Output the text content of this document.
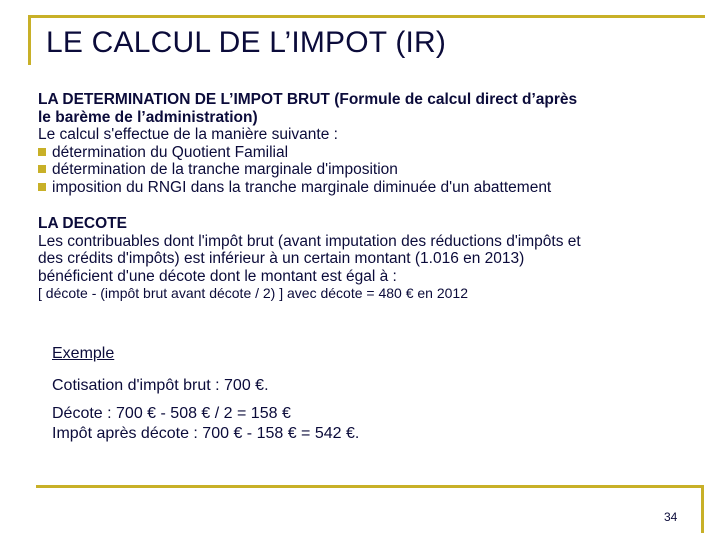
LE CALCUL DE L’IMPOT (IR)

LA DETERMINATION DE L’IMPOT BRUT (Formule de calcul direct d’après

le barème de l’administration)

Le calcul s'effectue de la manière suivante :

détermination du Quotient Familial
détermination de la tranche marginale d'imposition
imposition du RNGI dans la tranche marginale diminuée d'un abattement

LA DECOTE

Les contribuables dont l'impôt brut (avant imputation des réductions d'impôts et

des crédits d'impôts) est inférieur à un certain montant (1.016 en 2013)

bénéficient d'une décote dont le montant est égal à :

[ décote - (impôt brut avant décote / 2) ] avec décote = 480 € en 2012

Exemple

Cotisation d'impôt brut : 700 €.

Décote : 700 € - 508 € / 2 = 158 €

Impôt après décote : 700 € - 158 € = 542 €.

34
